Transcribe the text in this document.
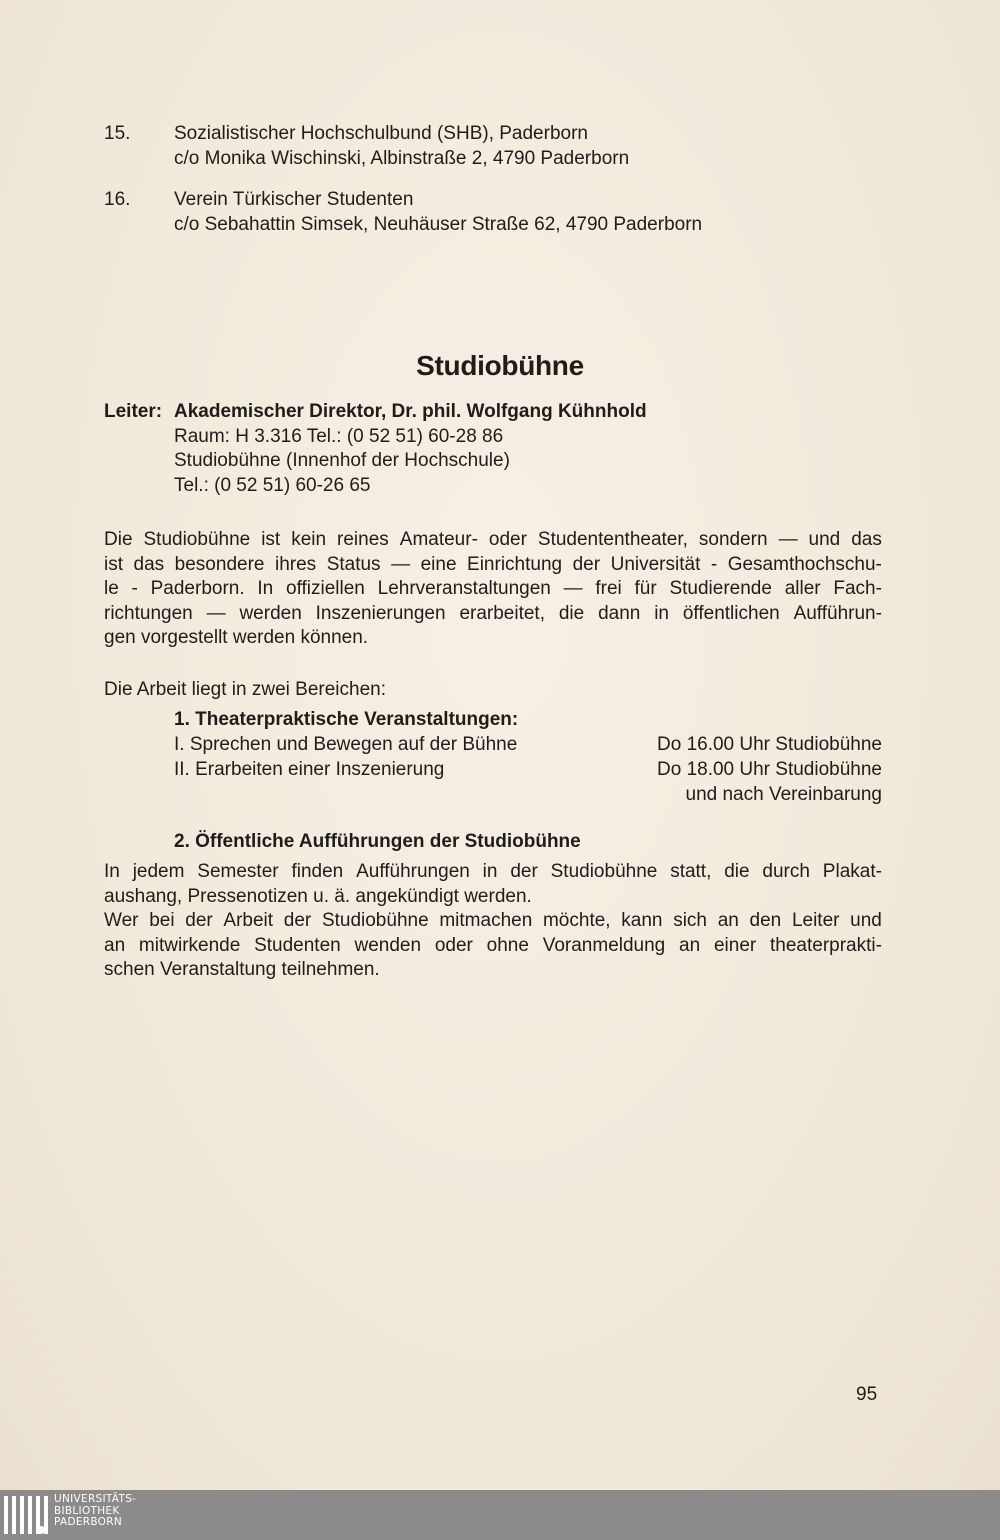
15. Sozialistischer Hochschulbund (SHB), Paderborn
c/o Monika Wischinski, Albinstraße 2, 4790 Paderborn
16. Verein Türkischer Studenten
c/o Sebahattin Simsek, Neuhäuser Straße 62, 4790 Paderborn
Studiobühne
Leiter: Akademischer Direktor, Dr. phil. Wolfgang Kühnhold
Raum: H 3.316 Tel.: (0 52 51) 60-28 86
Studiobühne (Innenhof der Hochschule)
Tel.: (0 52 51) 60-26 65
Die Studiobühne ist kein reines Amateur- oder Studententheater, sondern — und das
ist das besondere ihres Status — eine Einrichtung der Universität - Gesamthochschu-
le - Paderborn. In offiziellen Lehrveranstaltungen — frei für Studierende aller Fach-
richtungen — werden Inszenierungen erarbeitet, die dann in öffentlichen Aufführun-
gen vorgestellt werden können.
Die Arbeit liegt in zwei Bereichen:
1. Theaterpraktische Veranstaltungen:
I. Sprechen und Bewegen auf der Bühne	Do 16.00 Uhr Studiobühne
II. Erarbeiten einer Inszenierung	Do 18.00 Uhr Studiobühne
und nach Vereinbarung
2. Öffentliche Aufführungen der Studiobühne
In jedem Semester finden Aufführungen in der Studiobühne statt, die durch Plakat-
aushang, Pressenotizen u. ä. angekündigt werden.
Wer bei der Arbeit der Studiobühne mitmachen möchte, kann sich an den Leiter und
an mitwirkende Studenten wenden oder ohne Voranmeldung an einer theaterprakti-
schen Veranstaltung teilnehmen.
95
UNIVERSITÄTS-
BIBLIOTHEK
PADERBORN
